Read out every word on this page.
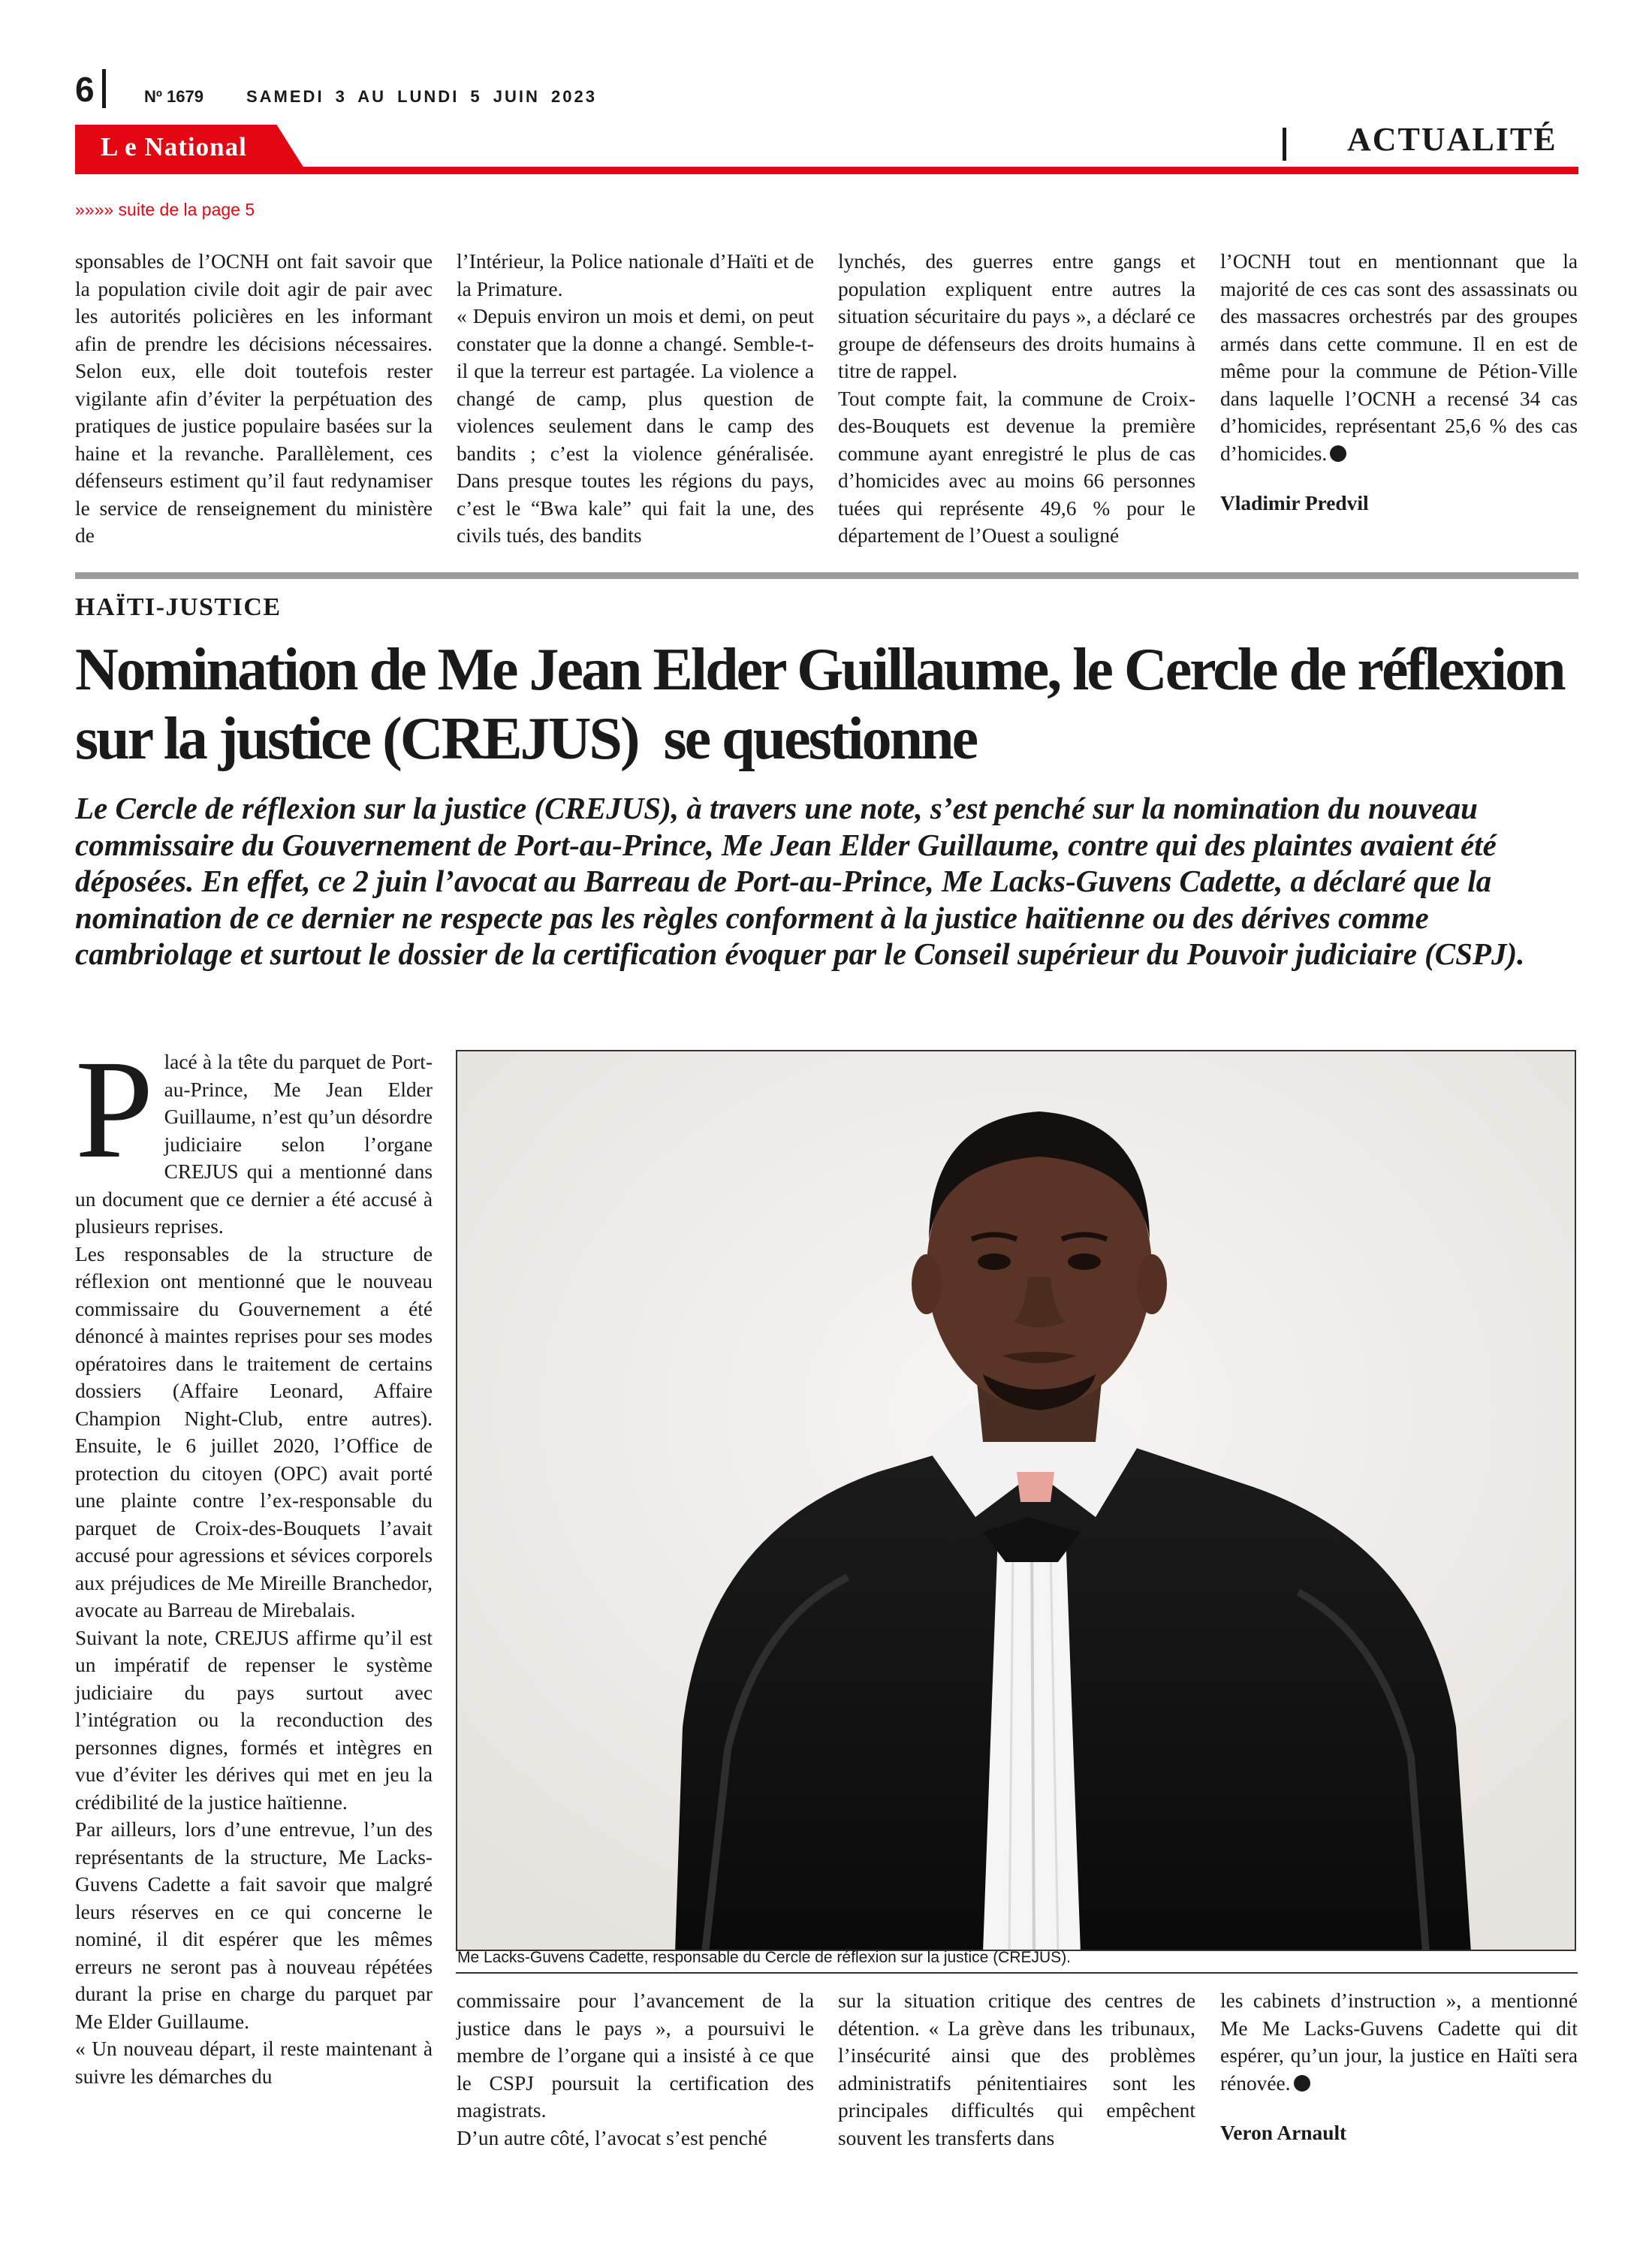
6	Nº 1679	SAMEDI 3 AU LUNDI 5 JUIN 2023
L e National	ACTUALITÉ
»»»» suite de la page 5

sponsables de l’OCNH ont fait savoir que la population civile doit agir de pair avec les autorités policières en les informant afin de prendre les décisions nécessaires. Selon eux, elle doit toutefois rester vigilante afin d’éviter la perpétuation des pratiques de justice populaire basées sur la haine et la revanche. Parallèlement, ces défenseurs estiment qu’il faut redynamiser le service de renseignement du ministère de

l’Intérieur, la Police nationale d’Haïti et de la Primature.
« Depuis environ un mois et demi, on peut constater que la donne a changé. Semble-t-il que la terreur est partagée. La violence a changé de camp, plus question de violences seulement dans le camp des bandits ; c’est la violence généralisée. Dans presque toutes les régions du pays, c’est le “Bwa kale” qui fait la une, des civils tués, des bandits

lynchés, des guerres entre gangs et population expliquent entre autres la situation sécuritaire du pays », a déclaré ce groupe de défenseurs des droits humains à titre de rappel.
Tout compte fait, la commune de Croix-des-Bouquets est devenue la première commune ayant enregistré le plus de cas d’homicides avec au moins 66 personnes tuées qui représente 49,6 % pour le département de l’Ouest a souligné

l’OCNH tout en mentionnant que la majorité de ces cas sont des assassinats ou des massacres orchestrés par des groupes armés dans cette commune. Il en est de même pour la commune de Pétion-Ville dans laquelle l’OCNH a recensé 34 cas d’homicides, représentant 25,6 % des cas d’homicides.

Vladimir Predvil

HAÏTI-JUSTICE
Nomination de Me Jean Elder Guillaume, le Cercle de réflexion
sur la justice (CREJUS)  se questionne
Le Cercle de réflexion sur la justice (CREJUS), à travers une note, s’est penché sur la nomination du nouveau commissaire du Gouvernement de Port-au-Prince, Me Jean Elder Guillaume, contre qui des plaintes avaient été déposées. En effet, ce 2 juin l’avocat au Barreau de Port-au-Prince, Me Lacks-Guvens Cadette, a déclaré que la nomination de ce dernier ne respecte pas les règles conforment à la justice haïtienne ou des dérives comme cambriolage et surtout le dossier de la certification évoquer par le Conseil supérieur du Pouvoir judiciaire (CSPJ).

Placé à la tête du parquet de Port-au-Prince, Me Jean Elder Guillaume, n’est qu’un désordre judiciaire selon l’organe CREJUS qui a mentionné dans un document que ce dernier a été accusé à plusieurs reprises.

Les responsables de la structure de réflexion ont mentionné que le nouveau commissaire du Gouvernement a été dénoncé à maintes reprises pour ses modes opératoires dans le traitement de certains dossiers (Affaire Leonard, Affaire Champion Night-Club, entre autres). Ensuite, le 6 juillet 2020, l’Office de protection du citoyen (OPC) avait porté une plainte contre l’ex-responsable du parquet de Croix-des-Bouquets l’avait accusé pour agressions et sévices corporels aux préjudices de Me Mireille Branchedor, avocate au Barreau de Mirebalais.

Suivant la note, CREJUS affirme qu’il est un impératif de repenser le système judiciaire du pays surtout avec l’intégration ou la reconduction des personnes dignes, formés et intègres en vue d’éviter les dérives qui met en jeu la crédibilité de la justice haïtienne.

Par ailleurs, lors d’une entrevue, l’un des représentants de la structure, Me Lacks-Guvens Cadette a fait savoir que malgré leurs réserves en ce qui concerne le nominé, il dit espérer que les mêmes erreurs ne seront pas à nouveau répétées durant la prise en charge du parquet par Me Elder Guillaume.

« Un nouveau départ, il reste maintenant à suivre les démarches du

Me Lacks-Guvens Cadette, responsable du Cercle de réflexion sur la justice (CREJUS).

commissaire pour l’avancement de la justice dans le pays », a poursuivi le membre de l’organe qui a insisté à ce que le CSPJ poursuit la certification des magistrats.

D’un autre côté, l’avocat s’est penché

sur la situation critique des centres de détention. « La grève dans les tribunaux, l’insécurité ainsi que des problèmes administratifs pénitentiaires sont les principales difficultés qui empêchent souvent les transferts dans

les cabinets d’instruction », a mentionné Me Me Lacks-Guvens Cadette qui dit espérer, qu’un jour, la justice en Haïti sera rénovée.

Veron Arnault
